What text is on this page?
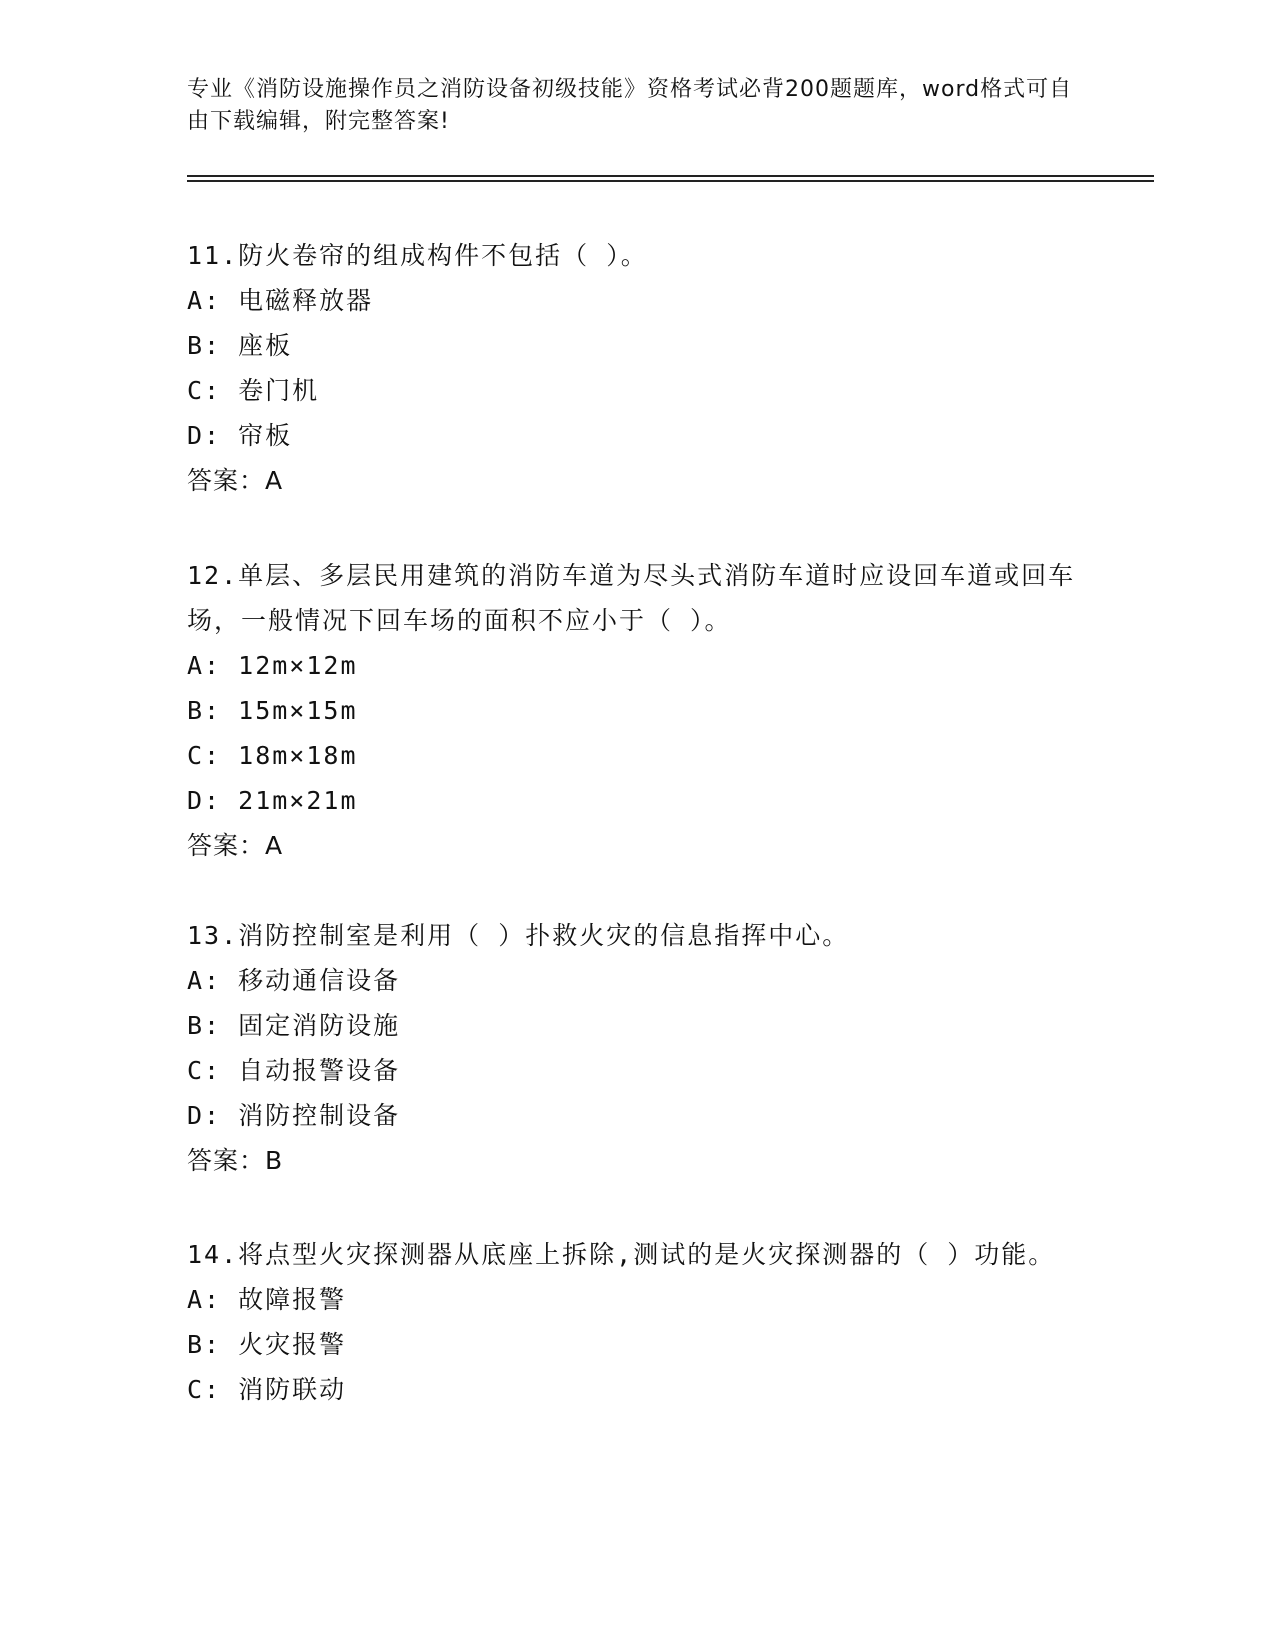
专业《消防设施操作员之消防设备初级技能》资格考试必背200题题库，word格式可自由下载编辑，附完整答案!

11.防火卷帘的组成构件不包括（ ）。

A: 电磁释放器

B: 座板

C: 卷门机

D: 帘板

答案：A

12.单层、多层民用建筑的消防车道为尽头式消防车道时应设回车道或回车场，一般情况下回车场的面积不应小于（ ）。

A: 12m×12m

B: 15m×15m

C: 18m×18m

D: 21m×21m

答案：A

13.消防控制室是利用（ ）扑救火灾的信息指挥中心。

A: 移动通信设备

B: 固定消防设施

C: 自动报警设备

D: 消防控制设备

答案：B

14.将点型火灾探测器从底座上拆除,测试的是火灾探测器的（ ）功能。

A: 故障报警

B: 火灾报警

C: 消防联动
